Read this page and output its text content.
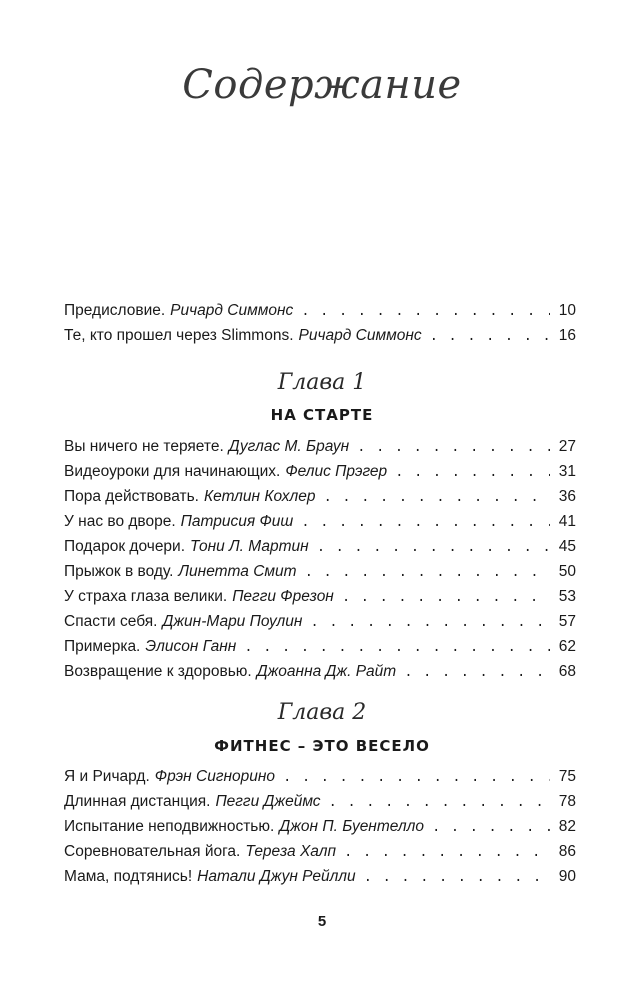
Содержание
Предисловие. Ричард Симмонс . . .	10
Те, кто прошел через Slimmons. Ричард Симмонс . . .	16
Глава 1
НА СТАРТЕ
Вы ничего не теряете. Дуглас М. Браун . . .	27
Видеоуроки для начинающих. Фелис Прэгер . . .	31
Пора действовать. Кетлин Кохлер . . .	36
У нас во дворе. Патрисия Фиш . . .	41
Подарок дочери. Тони Л. Мартин . . .	45
Прыжок в воду. Линетта Смит . . .	50
У страха глаза велики. Пегги Фрезон . . .	53
Спасти себя. Джин-Мари Поулин . . .	57
Примерка. Элисон Ганн . . .	62
Возвращение к здоровью. Джоанна Дж. Райт . . .	68
Глава 2
ФИТНЕС – ЭТО ВЕСЕЛО
Я и Ричард. Фрэн Сигнорино . . .	75
Длинная дистанция. Пегги Джеймс . . .	78
Испытание неподвижностью. Джон П. Буентелло . . .	82
Соревновательная йога. Тереза Халп . . .	86
Мама, подтянись! Натали Джун Рейлли . . .	90
5
